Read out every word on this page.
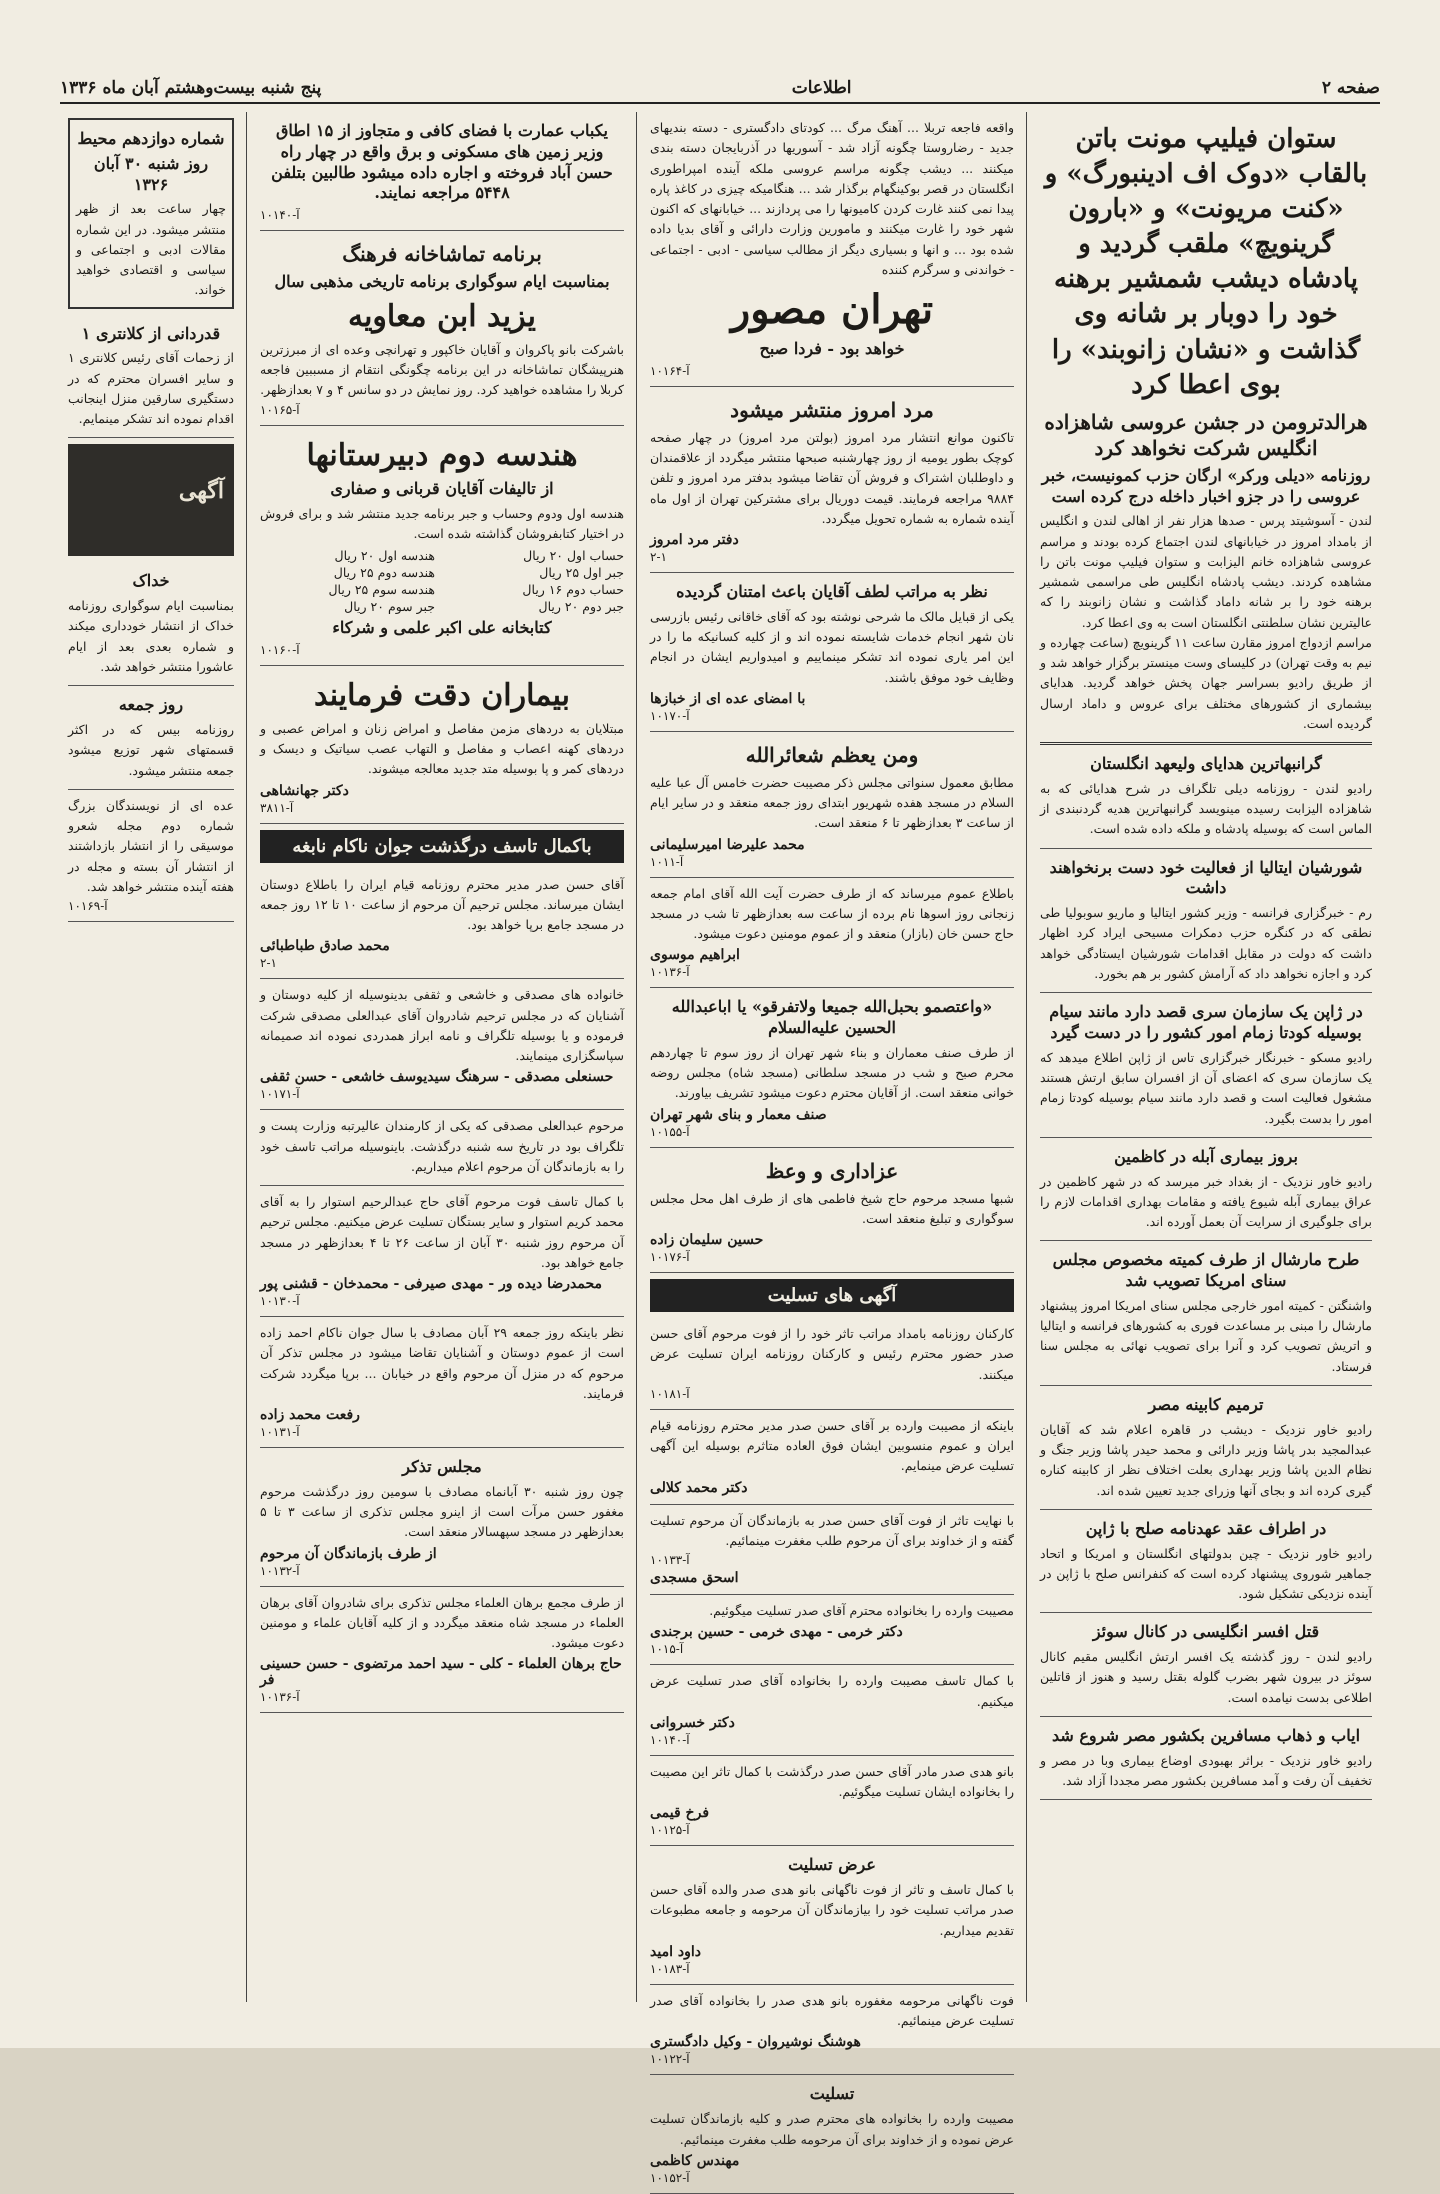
صفحه ۲
اطلاعات
پنج شنبه بیست‌وهشتم آبان ماه ۱۳۳۶
ستوان فیلیپ مونت باتن بالقاب «دوک اف ادینبورگ» و «کنت مریونت» و «بارون گرینویچ» ملقب گردید و پادشاه دیشب شمشیر برهنه خود را دوبار بر شانه وی گذاشت و «نشان زانوبند» را بوی اعطا کرد
هرالدترومن در جشن عروسی شاهزاده انگلیس شرکت نخواهد کرد
روزنامه «دیلی ورکر» ارگان حزب کمونیست، خبر عروسی را در جزو اخبار داخله درج کرده است

لندن - آسوشیتد پرس - صدها هزار نفر از اهالی لندن و انگلیس از بامداد امروز در خیابانهای لندن اجتماع کرده بودند و مراسم عروسی شاهزاده خانم الیزابت و ستوان فیلیپ مونت باتن را مشاهده کردند. دیشب پادشاه انگلیس طی مراسمی شمشیر برهنه خود را بر شانه داماد گذاشت و نشان زانوبند را که عالیترین نشان سلطنتی انگلستان است به وی اعطا کرد.

مراسم ازدواج امروز مقارن ساعت ۱۱ گرینویچ (ساعت چهارده و نیم به وقت تهران) در کلیسای وست مینستر برگزار خواهد شد و از طریق رادیو بسراسر جهان پخش خواهد گردید. هدایای بیشماری از کشورهای مختلف برای عروس و داماد ارسال گردیده است.

گرانبهاترین هدایای ولیعهد انگلستان

رادیو لندن - روزنامه دیلی تلگراف در شرح هدایائی که به شاهزاده الیزابت رسیده مینویسد گرانبهاترین هدیه گردنبندی از الماس است که بوسیله پادشاه و ملکه داده شده است.

شورشیان ایتالیا از فعالیت خود دست برنخواهند داشت

رم - خبرگزاری فرانسه - وزیر کشور ایتالیا و ماریو سوبولیا طی نطقی که در کنگره حزب دمکرات مسیحی ایراد کرد اظهار داشت که دولت در مقابل اقدامات شورشیان ایستادگی خواهد کرد و اجازه نخواهد داد که آرامش کشور بر هم بخورد.

در ژاپن یک سازمان سری قصد دارد مانند سیام بوسیله کودتا زمام امور کشور را در دست گیرد

رادیو مسکو - خبرنگار خبرگزاری تاس از ژاپن اطلاع میدهد که یک سازمان سری که اعضای آن از افسران سابق ارتش هستند مشغول فعالیت است و قصد دارد مانند سیام بوسیله کودتا زمام امور را بدست بگیرد.

بروز بیماری آبله در کاظمین

رادیو خاور نزدیک - از بغداد خبر میرسد که در شهر کاظمین در عراق بیماری آبله شیوع یافته و مقامات بهداری اقدامات لازم را برای جلوگیری از سرایت آن بعمل آورده اند.

طرح مارشال از طرف کمیته مخصوص مجلس سنای امریکا تصویب شد

واشنگتن - کمیته امور خارجی مجلس سنای امریکا امروز پیشنهاد مارشال را مبنی بر مساعدت فوری به کشورهای فرانسه و ایتالیا و اتریش تصویب کرد و آنرا برای تصویب نهائی به مجلس سنا فرستاد.

ترمیم کابینه مصر

رادیو خاور نزدیک - دیشب در قاهره اعلام شد که آقایان عبدالمجید بدر پاشا وزیر دارائی و محمد حیدر پاشا وزیر جنگ و نظام الدین پاشا وزیر بهداری بعلت اختلاف نظر از کابینه کناره گیری کرده اند و بجای آنها وزرای جدید تعیین شده اند.

در اطراف عقد عهدنامه صلح با ژاپن

رادیو خاور نزدیک - چین بدولتهای انگلستان و امریکا و اتحاد جماهیر شوروی پیشنهاد کرده است که کنفرانس صلح با ژاپن در آینده نزدیکی تشکیل شود.

قتل افسر انگلیسی در کانال سوئز

رادیو لندن - روز گذشته یک افسر ارتش انگلیس مقیم کانال سوئز در بیرون شهر بضرب گلوله بقتل رسید و هنوز از قاتلین اطلاعی بدست نیامده است.

ایاب و ذهاب مسافرین بکشور مصر شروع شد

رادیو خاور نزدیک - براثر بهبودی اوضاع بیماری وبا در مصر و تخفیف آن رفت و آمد مسافرین بکشور مصر مجددا آزاد شد.

واقعه فاجعه تربلا ... آهنگ مرگ ... کودتای دادگستری - دسته بندیهای جدید - رضاروستا چگونه آزاد شد - آسوریها در آذربایجان دسته بندی میکنند ... دیشب چگونه مراسم عروسی ملکه آینده امپراطوری انگلستان در قصر بوکینگهام برگذار شد ... هنگامیکه چیزی در کاغذ پاره پیدا نمی کنند غارت کردن کامیونها را می پردازند ... خیابانهای که اکنون شهر خود را غارت میکنند و مامورین وزارت دارائی و آقای بدیا داده شده بود ... و انها و بسیاری دیگر از مطالب سیاسی - ادبی - اجتماعی - خواندنی و سرگرم کننده

تهران مصور
خواهد بود - فردا صبح
آ-۱۰۱۶۴
مرد امروز منتشر میشود

تاکنون موانع انتشار مرد امروز (بولتن مرد امروز) در چهار صفحه کوچک بطور یومیه از روز چهارشنبه صبحها منتشر میگردد از علاقمندان و داوطلبان اشتراک و فروش آن تقاضا میشود بدفتر مرد امروز و تلفن ۹۸۸۴ مراجعه فرمایند. قیمت دوریال برای مشترکین تهران از اول ماه آینده شماره به شماره تحویل میگردد.

دفتر مرد امروز
۲-۱
نظر به مراتب لطف آقایان باعث امتنان گردیده

یکی از قبایل مالک ما شرحی نوشته بود که آقای خاقانی رئیس بازرسی نان شهر انجام خدمات شایسته نموده اند و از کلیه کسانیکه ما را در این امر یاری نموده اند تشکر مینماییم و امیدواریم ایشان در انجام وظایف خود موفق باشند.

با امضای عده ای از خبازها
آ-۱۰۱۷۰
ومن یعظم شعائرالله

مطابق معمول سنواتی مجلس ذکر مصیبت حضرت خامس آل عبا علیه السلام در مسجد هفده شهریور ابتدای روز جمعه منعقد و در سایر ایام از ساعت ۳ بعدازظهر تا ۶ منعقد است.

محمد علیرضا امیرسلیمانی
آ-۱۰۱۱

باطلاع عموم میرساند که از طرف حضرت آیت الله آقای امام جمعه زنجانی روز اسوها نام برده از ساعت سه بعدازظهر تا شب در مسجد حاج حسن خان (بازار) منعقد و از عموم مومنین دعوت میشود.

ابراهیم موسوی
آ-۱۰۱۳۶
«واعتصمو بحبل‌الله جمیعا ولاتفرقو» یا اباعبدالله الحسین علیه‌السلام

از طرف صنف معماران و بناء شهر تهران از روز سوم تا چهاردهم محرم صبح و شب در مسجد سلطانی (مسجد شاه) مجلس روضه خوانی منعقد است. از آقایان محترم دعوت میشود تشریف بیاورند.

صنف معمار و بنای شهر تهران
آ-۱۰۱۵۵
عزاداری و وعظ

شبها مسجد مرحوم حاج شیخ فاطمی های از طرف اهل محل مجلس سوگواری و تبلیغ منعقد است.

حسین سلیمان زاده
آ-۱۰۱۷۶
آگهی های تسلیت

کارکنان روزنامه بامداد مراتب تاثر خود را از فوت مرحوم آقای حسن صدر حضور محترم رئیس و کارکنان روزنامه ایران تسلیت عرض میکنند.

آ-۱۰۱۸۱

باینکه از مصیبت وارده بر آقای حسن صدر مدیر محترم روزنامه قیام ایران و عموم منسوبین ایشان فوق العاده متاثرم بوسیله این آگهی تسلیت عرض مینمایم.

دکتر محمد کلالی

با نهایت تاثر از فوت آقای حسن صدر به بازماندگان آن مرحوم تسلیت گفته و از خداوند برای آن مرحوم طلب مغفرت مینمائیم.

آ-۱۰۱۳۳
اسحق مسجدی

مصیبت وارده را بخانواده محترم آقای صدر تسلیت میگوئیم.

دکتر خرمی - مهدی خرمی - حسین برجندی
آ-۱۰۱۵

با کمال تاسف مصیبت وارده را بخانواده آقای صدر تسلیت عرض میکنیم.

دکتر خسروانی
آ-۱۰۱۴۰

بانو هدی صدر مادر آقای حسن صدر درگذشت با کمال تاثر این مصیبت را بخانواده ایشان تسلیت میگوئیم.

فرخ قیمی
آ-۱۰۱۲۵
عرض تسلیت

با کمال تاسف و تاثر از فوت ناگهانی بانو هدی صدر والده آقای حسن صدر مراتب تسلیت خود را بیازماندگان آن مرحومه و جامعه مطبوعات تقدیم میداریم.

داود امید
آ-۱۰۱۸۳

فوت ناگهانی مرحومه مغفوره بانو هدی صدر را بخانواده آقای صدر تسلیت عرض مینمائیم.

هوشنگ نوشیروان - وکیل دادگستری
آ-۱۰۱۲۲
تسلیت

مصیبت وارده را بخانواده های محترم صدر و کلیه بازماندگان تسلیت عرض نموده و از خداوند برای آن مرحومه طلب مغفرت مینمائیم.

مهندس کاظمی
آ-۱۰۱۵۲
یکباب عمارت با فضای کافی و متجاوز از ۱۵ اطاق وزیر زمین های مسکونی و برق واقع در چهار راه حسن آباد فروخته و اجاره داده میشود طالبین بتلفن ۵۴۴۸ مراجعه نمایند.
آ-۱۰۱۴۰
برنامه تماشاخانه فرهنگ
بمناسبت ایام سوگواری برنامه تاریخی مذهبی سال
یزید ابن معاویه

باشرکت بانو پاکروان و آقایان خاکپور و تهرانچی وعده ای از مبرزترین هنرپیشگان تماشاخانه در این برنامه چگونگی انتقام از مسببین فاجعه کربلا را مشاهده خواهید کرد. روز نمایش در دو سانس ۴ و ۷ بعدازظهر.

آ-۱۰۱۶۵
هندسه دوم دبیرستانها
از تالیفات آقایان قربانی و صفاری

هندسه اول ودوم وحساب و جبر برنامه جدید منتشر شد و برای فروش در اختیار کتابفروشان گذاشته شده است.

حساب اول ۲۰ ریال
هندسه اول ۲۰ ریال
جبر اول ۲۵ ریال
هندسه دوم ۲۵ ریال
حساب دوم ۱۶ ریال
هندسه سوم ۲۵ ریال
جبر دوم ۲۰ ریال
جبر سوم ۲۰ ریال
کتابخانه علی اکبر علمی و شرکاء
آ-۱۰۱۶۰
بیماران دقت فرمایند

مبتلایان به دردهای مزمن مفاصل و امراض زنان و امراض عصبی و دردهای کهنه اعصاب و مفاصل و التهاب عصب سیاتیک و دیسک و دردهای کمر و پا بوسیله متد جدید معالجه میشوند.

دکتر جهانشاهی
آ-۳۸۱۱
باکمال تاسف درگذشت جوان ناکام نابغه

آقای حسن صدر مدیر محترم روزنامه قیام ایران را باطلاع دوستان ایشان میرساند. مجلس ترحیم آن مرحوم از ساعت ۱۰ تا ۱۲ روز جمعه در مسجد جامع برپا خواهد بود.

محمد صادق طباطبائی
۲-۱

خانواده های مصدقی و خاشعی و ثقفی بدینوسیله از کلیه دوستان و آشنایان که در مجلس ترحیم شادروان آقای عبدالعلی مصدقی شرکت فرموده و یا بوسیله تلگراف و نامه ابراز همدردی نموده اند صمیمانه سپاسگزاری مینمایند.

حسنعلی مصدقی - سرهنگ سیدیوسف خاشعی - حسن ثقفی
آ-۱۰۱۷۱

مرحوم عبدالعلی مصدقی که یکی از کارمندان عالیرتبه وزارت پست و تلگراف بود در تاریخ سه شنبه درگذشت. باینوسیله مراتب تاسف خود را به بازماندگان آن مرحوم اعلام میداریم.

با کمال تاسف فوت مرحوم آقای حاج عبدالرحیم استوار را به آقای محمد کریم استوار و سایر بستگان تسلیت عرض میکنیم. مجلس ترحیم آن مرحوم روز شنبه ۳۰ آبان از ساعت ۲۶ تا ۴ بعدازظهر در مسجد جامع خواهد بود.

محمدرضا دیده ور - مهدی صیرفی - محمدخان - قشنی پور
آ-۱۰۱۳۰

نظر باینکه روز جمعه ۲۹ آبان مصادف با سال جوان ناکام احمد زاده است از عموم دوستان و آشنایان تقاضا میشود در مجلس تذکر آن مرحوم که در منزل آن مرحوم واقع در خیابان ... برپا میگردد شرکت فرمایند.

رفعت محمد زاده
آ-۱۰۱۳۱
مجلس تذکر

چون روز شنبه ۳۰ آبانماه مصادف با سومین روز درگذشت مرحوم مغفور حسن مرآت است از اینرو مجلس تذکری از ساعت ۳ تا ۵ بعدازظهر در مسجد سپهسالار منعقد است.

از طرف بازماندگان آن مرحوم
آ-۱۰۱۳۲

از طرف مجمع برهان العلماء مجلس تذکری برای شادروان آقای برهان العلماء در مسجد شاه منعقد میگردد و از کلیه آقایان علماء و مومنین دعوت میشود.

حاج برهان العلماء - کلی - سید احمد مرتضوی - حسن حسینی فر
آ-۱۰۱۳۶
شماره دوازدهم محیط
روز شنبه ۳۰ آبان ۱۳۲۶

چهار ساعت بعد از ظهر منتشر میشود. در این شماره مقالات ادبی و اجتماعی و سیاسی و اقتصادی خواهید خواند.

قدردانی از کلانتری ۱

از زحمات آقای رئیس کلانتری ۱ و سایر افسران محترم که در دستگیری سارقین منزل اینجانب اقدام نموده اند تشکر مینمایم.

آگهی
خداک

بمناسبت ایام سوگواری روزنامه خداک از انتشار خودداری میکند و شماره بعدی بعد از ایام عاشورا منتشر خواهد شد.

روز جمعه

روزنامه بیس که در اکثر قسمتهای شهر توزیع میشود جمعه منتشر میشود.

عده ای از نویسندگان بزرگ شماره دوم مجله شعرو موسیقی را از انتشار بازداشتند از انتشار آن بسته و مجله در هفته آینده منتشر خواهد شد.

آ-۱۰۱۶۹
